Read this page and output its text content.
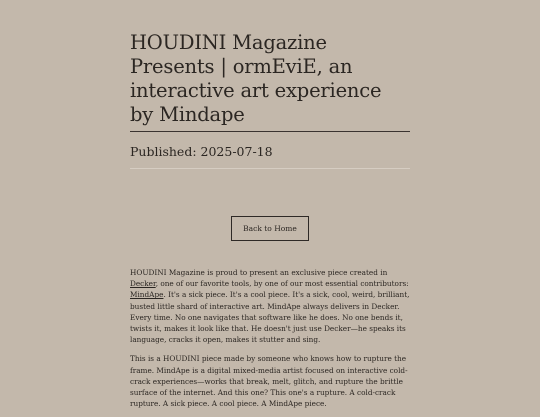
HOUDINI Magazine Presents | ormEviE, an interactive art experience by Mindape
Published: 2025-07-18
Back to Home

HOUDINI Magazine is proud to present an exclusive piece created in Decker, one of our favorite tools, by one of our most essential contributors: MindApe. It's a sick piece. It's a cool piece. It's a sick, cool, weird, brilliant, busted little shard of interactive art. MindApe always delivers in Decker. Every time. No one navigates that software like he does. No one bends it, twists it, makes it look like that. He doesn't just use Decker—he speaks its language, cracks it open, makes it stutter and sing.

This is a HOUDINI piece made by someone who knows how to rupture the frame. MindApe is a digital mixed-media artist focused on interactive cold-crack experiences—works that break, melt, glitch, and rupture the brittle surface of the internet. And this one? This one's a rupture. A cold-crack rupture. A sick piece. A cool piece. A MindApe piece.
